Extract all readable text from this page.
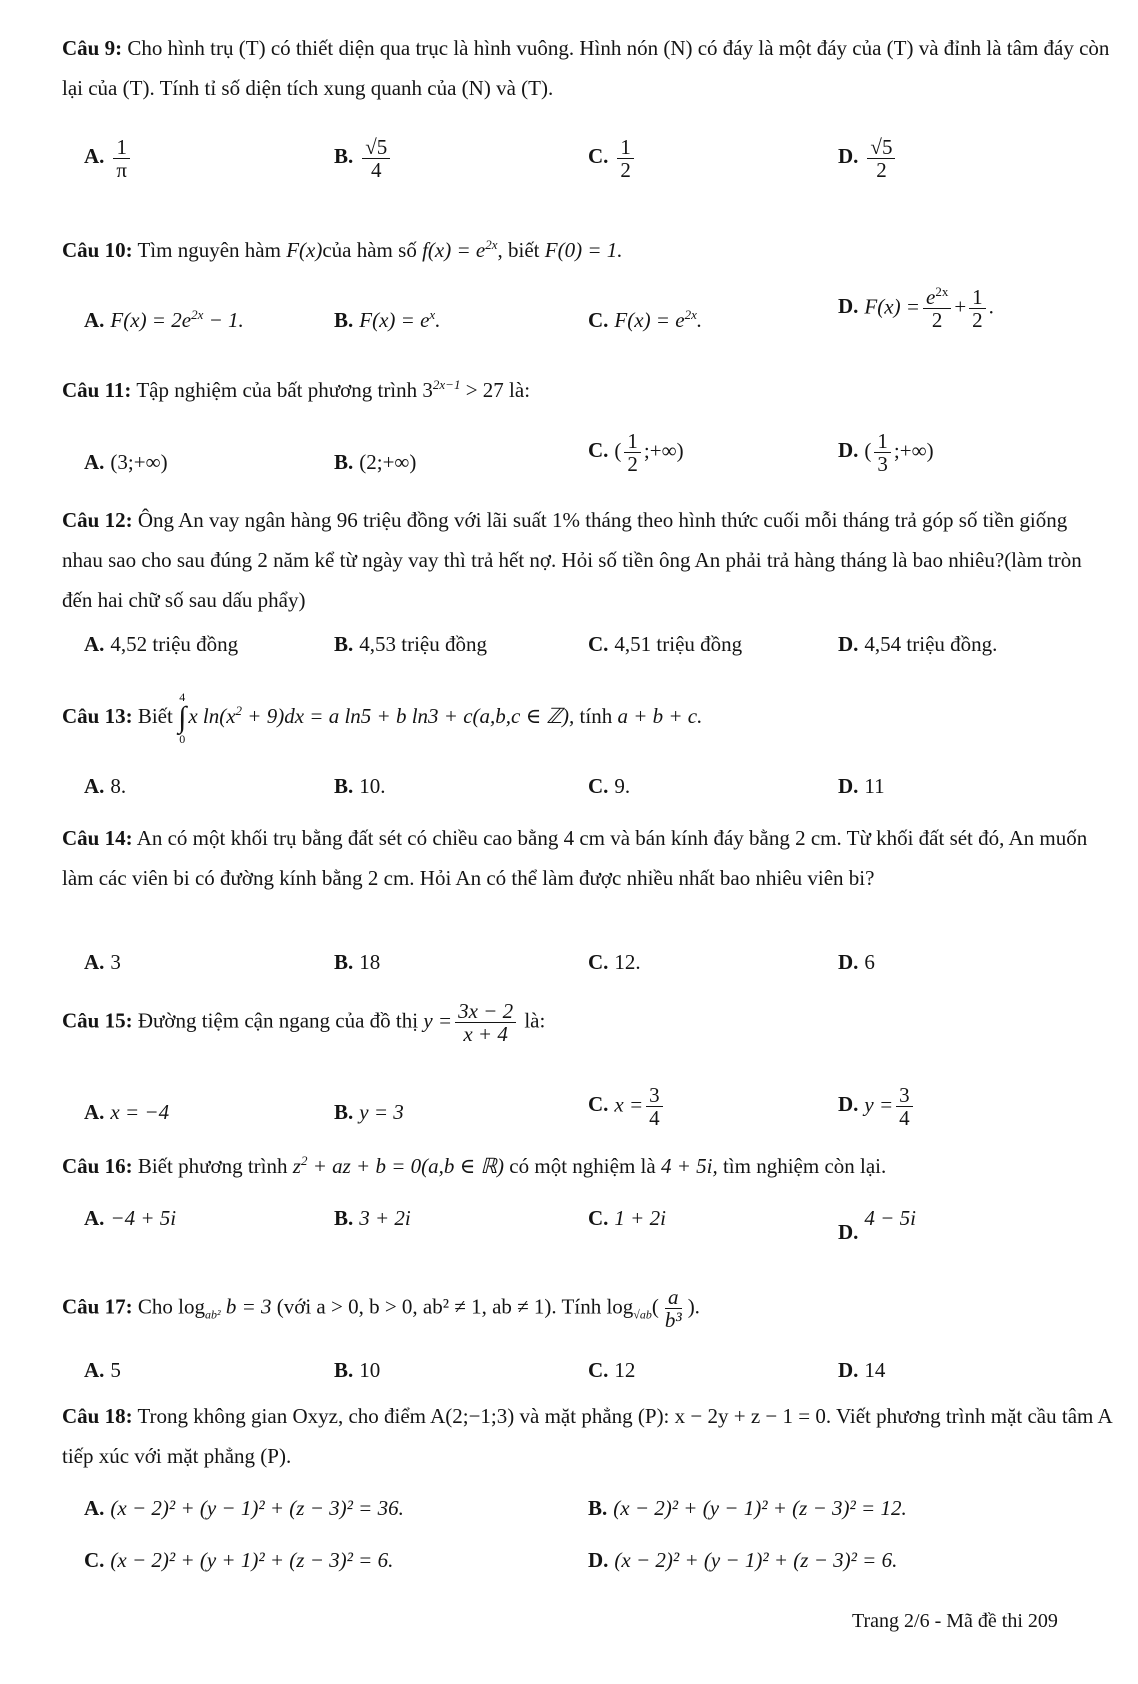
Câu 9: Cho hình trụ (T) có thiết diện qua trục là hình vuông. Hình nón (N) có đáy là một đáy của (T) và đỉnh là tâm đáy còn lại của (T). Tính tỉ số diện tích xung quanh của (N) và (T).
A. $\frac{1}{\pi}$	B. $\frac{√5}{4}$	C. $\frac{1}{2}$	D. $\frac{√5}{2}$
Câu 10: Tìm nguyên hàm F(x)của hàm số $f(x) = e^{2x}$, biết F(0) = 1.
A. $F(x) = 2e^{2x} - 1$.	B. $F(x) = e^x$.	C. $F(x) = e^{2x}$.
D. $F(x) = \frac{e^{2x}}{2} + \frac{1}{2}$ .
Câu 11: Tập nghiệm của bất phương trình $3^{2x-1} > 27$ là:
A. (3;+∞)	B. (2;+∞)	C. ( $\frac{1}{2}$ ;+∞)	D. ( $\frac{1}{3}$ ;+∞)
Câu 12: Ông An vay ngân hàng 96 triệu đồng với lãi suất 1% tháng theo hình thức cuối mỗi tháng trả góp số tiền giống nhau sao cho sau đúng 2 năm kể từ ngày vay thì trả hết nợ. Hỏi số tiền ông An phải trả hàng tháng là bao nhiêu?(làm tròn đến hai chữ số sau dấu phẩy)
A. 4,52 triệu đồng	B. 4,53 triệu đồng	C. 4,51 triệu đồng	D. 4,54 triệu đồng.
Câu 13: Biết
4
∫
0
x $\ln(x^2 + 9)dx = a$ ln5 + b ln3 + c(a,b,c ∈ ℤ), tính a + b + c.
A. 8.	B. 10.	C. 9.	D. 11
Câu 14: An có một khối trụ bằng đất sét có chiều cao bằng 4 cm và bán kính đáy bằng 2 cm. Từ khối đất sét đó, An muốn làm các viên bi có đường kính bằng 2 cm. Hỏi An có thể làm được nhiều nhất bao nhiêu viên bi?
A. 3	B. 18	C. 12.	D. 6
Câu 15: Đường tiệm cận ngang của đồ thị $y = \frac{3x - 2}{x + 4}$ là:
A. x = −4	B. y = 3	C. $x = \frac{3}{4}$	D. $y = \frac{3}{4}$
Câu 16: Biết phương trình $z^2$ + az + b = 0(a,b ∈ ℝ) có một nghiệm là 4 + 5i, tìm nghiệm còn lại.
A. −4 + 5i	B. 3 + 2i	C. 1 + 2i
D.4 − 5i
Câu 17: Cho $\log_{ab^2} b = 3$ (với a > 0, b > 0, ab² ≠ 1, ab ≠ 1). Tính $\log_{√ab}( \frac{a}{\text{b³}}$ ).
A. 5	B. 10	C. 12	D. 14
Câu 18: Trong không gian Oxyz, cho điểm A(2;−1;3) và mặt phẳng (P): x − 2y + z − 1 = 0. Viết phương trình mặt cầu tâm A tiếp xúc với mặt phẳng (P).
A. (x − 2)² + (y − 1)² + (z − 3)² = 36.	B. (x − 2)² + (y − 1)² + (z − 3)² = 12.
C. (x − 2)² + (y + 1)² + (z − 3)² = 6.	D. (x − 2)² + (y − 1)² + (z − 3)² = 6.
Trang 2/6 - Mã đề thi 209
